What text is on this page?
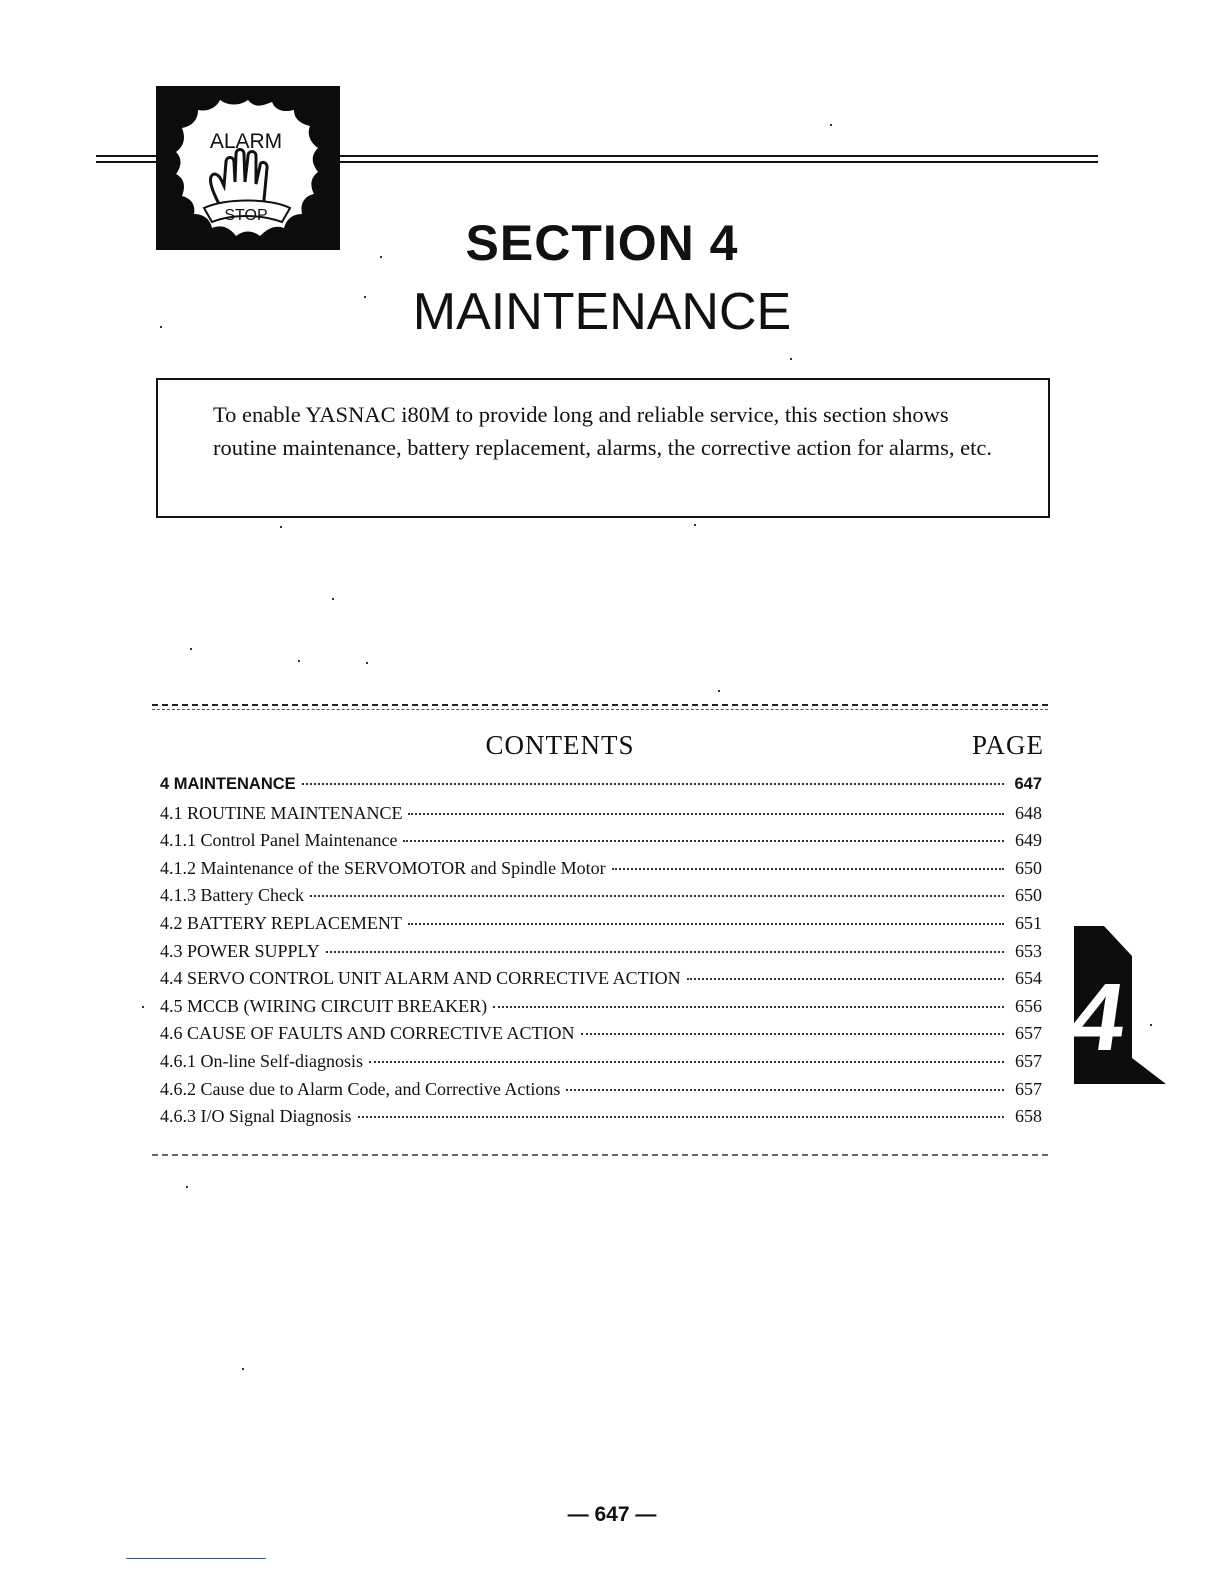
ALARM
STOP	SECTION 4
MAINTENANCE
To enable YASNAC i80M to provide long and reliable service, this section shows routine maintenance, battery replacement, alarms, the corrective action for alarms, etc.
CONTENTS	PAGE
4 MAINTENANCE	647
4.1 ROUTINE MAINTENANCE	648
4.1.1 Control Panel Maintenance	649
4.1.2 Maintenance of the SERVOMOTOR and Spindle Motor	650
4.1.3 Battery Check	650
4.2 BATTERY REPLACEMENT	651
4.3 POWER SUPPLY	653
4.4 SERVO CONTROL UNIT ALARM AND CORRECTIVE ACTION	654
4.5 MCCB (WIRING CIRCUIT BREAKER)	656
4.6 CAUSE OF FAULTS AND CORRECTIVE ACTION	657
4.6.1 On-line Self-diagnosis	657
4.6.2 Cause due to Alarm Code, and Corrective Actions	657
4.6.3 I/O Signal Diagnosis	658
4
— 647 —
